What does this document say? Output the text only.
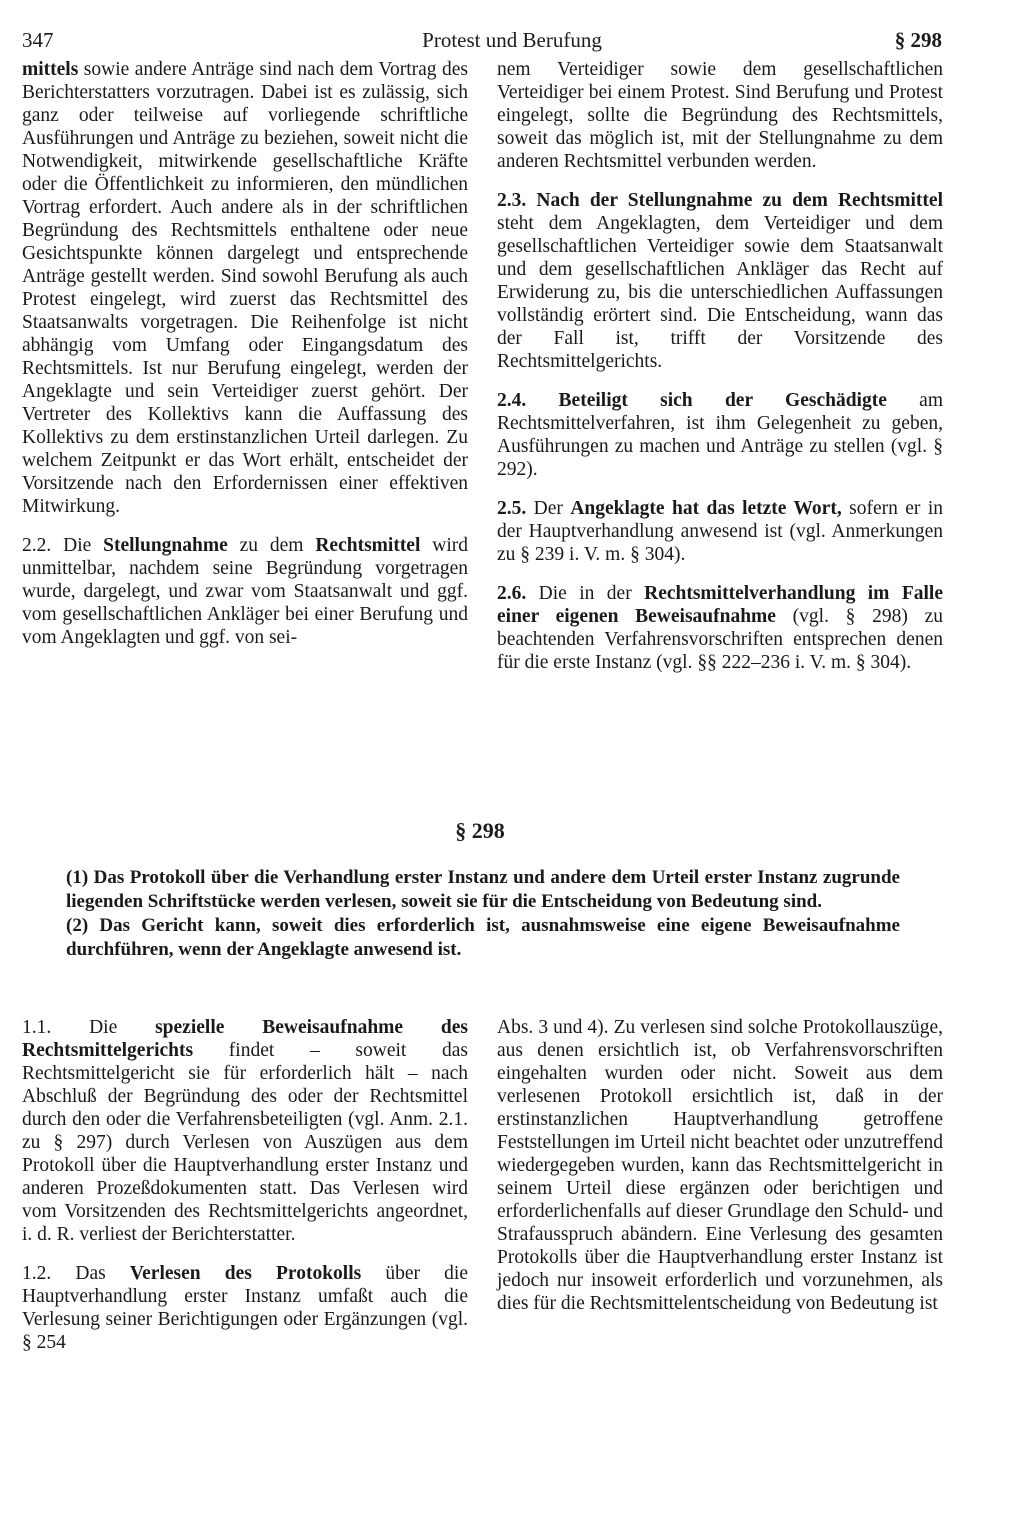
347	Protest und Berufung	§ 298

mittels sowie andere Anträge sind nach dem Vortrag des Berichterstatters vorzutragen. Dabei ist es zulässig, sich ganz oder teilweise auf vorliegende schriftliche Ausführungen und Anträge zu beziehen, soweit nicht die Notwendigkeit, mitwirkende gesellschaftliche Kräfte oder die Öffentlichkeit zu informieren, den mündlichen Vortrag erfordert. Auch andere als in der schriftlichen Begründung des Rechtsmittels enthaltene oder neue Gesichtspunkte können dargelegt und entsprechende Anträge gestellt werden. Sind sowohl Berufung als auch Protest eingelegt, wird zuerst das Rechtsmittel des Staatsanwalts vorgetragen. Die Reihenfolge ist nicht abhängig vom Umfang oder Eingangsdatum des Rechtsmittels. Ist nur Berufung eingelegt, werden der Angeklagte und sein Verteidiger zuerst gehört. Der Vertreter des Kollektivs kann die Auffassung des Kollektivs zu dem erstinstanzlichen Urteil darlegen. Zu welchem Zeitpunkt er das Wort erhält, entscheidet der Vorsitzende nach den Erfordernissen einer effektiven Mitwirkung.

2.2. Die Stellungnahme zu dem Rechtsmittel wird unmittelbar, nachdem seine Begründung vorgetragen wurde, dargelegt, und zwar vom Staatsanwalt und ggf. vom gesellschaftlichen Ankläger bei einer Berufung und vom Angeklagten und ggf. von sei-

nem Verteidiger sowie dem gesellschaftlichen Verteidiger bei einem Protest. Sind Berufung und Protest eingelegt, sollte die Begründung des Rechtsmittels, soweit das möglich ist, mit der Stellungnahme zu dem anderen Rechtsmittel verbunden werden.

2.3. Nach der Stellungnahme zu dem Rechtsmittel steht dem Angeklagten, dem Verteidiger und dem gesellschaftlichen Verteidiger sowie dem Staatsanwalt und dem gesellschaftlichen Ankläger das Recht auf Erwiderung zu, bis die unterschiedlichen Auffassungen vollständig erörtert sind. Die Entscheidung, wann das der Fall ist, trifft der Vorsitzende des Rechtsmittelgerichts.

2.4. Beteiligt sich der Geschädigte am Rechtsmittelverfahren, ist ihm Gelegenheit zu geben, Ausführungen zu machen und Anträge zu stellen (vgl. § 292).

2.5. Der Angeklagte hat das letzte Wort, sofern er in der Hauptverhandlung anwesend ist (vgl. Anmerkungen zu § 239 i. V. m. § 304).

2.6. Die in der Rechtsmittelverhandlung im Falle einer eigenen Beweisaufnahme (vgl. § 298) zu beachtenden Verfahrensvorschriften entsprechen denen für die erste Instanz (vgl. §§ 222–236 i. V. m. § 304).

§ 298

(1) Das Protokoll über die Verhandlung erster Instanz und andere dem Urteil erster Instanz zugrunde liegenden Schriftstücke werden verlesen, soweit sie für die Entscheidung von Bedeutung sind.

(2) Das Gericht kann, soweit dies erforderlich ist, ausnahmsweise eine eigene Beweisaufnahme durchführen, wenn der Angeklagte anwesend ist.

1.1. Die spezielle Beweisaufnahme des Rechtsmittelgerichts findet – soweit das Rechtsmittelgericht sie für erforderlich hält – nach Abschluß der Begründung des oder der Rechtsmittel durch den oder die Verfahrensbeteiligten (vgl. Anm. 2.1. zu § 297) durch Verlesen von Auszügen aus dem Protokoll über die Hauptverhandlung erster Instanz und anderen Prozeßdokumenten statt. Das Verlesen wird vom Vorsitzenden des Rechtsmittelgerichts angeordnet, i. d. R. verliest der Berichterstatter.

1.2. Das Verlesen des Protokolls über die Hauptverhandlung erster Instanz umfaßt auch die Verlesung seiner Berichtigungen oder Ergänzungen (vgl. § 254

Abs. 3 und 4). Zu verlesen sind solche Protokollauszüge, aus denen ersichtlich ist, ob Verfahrensvorschriften eingehalten wurden oder nicht. Soweit aus dem verlesenen Protokoll ersichtlich ist, daß in der erstinstanzlichen Hauptverhandlung getroffene Feststellungen im Urteil nicht beachtet oder unzutreffend wiedergegeben wurden, kann das Rechtsmittelgericht in seinem Urteil diese ergänzen oder berichtigen und erforderlichenfalls auf dieser Grundlage den Schuld- und Strafausspruch abändern. Eine Verlesung des gesamten Protokolls über die Hauptverhandlung erster Instanz ist jedoch nur insoweit erforderlich und vorzunehmen, als dies für die Rechtsmittelentscheidung von Bedeutung ist
